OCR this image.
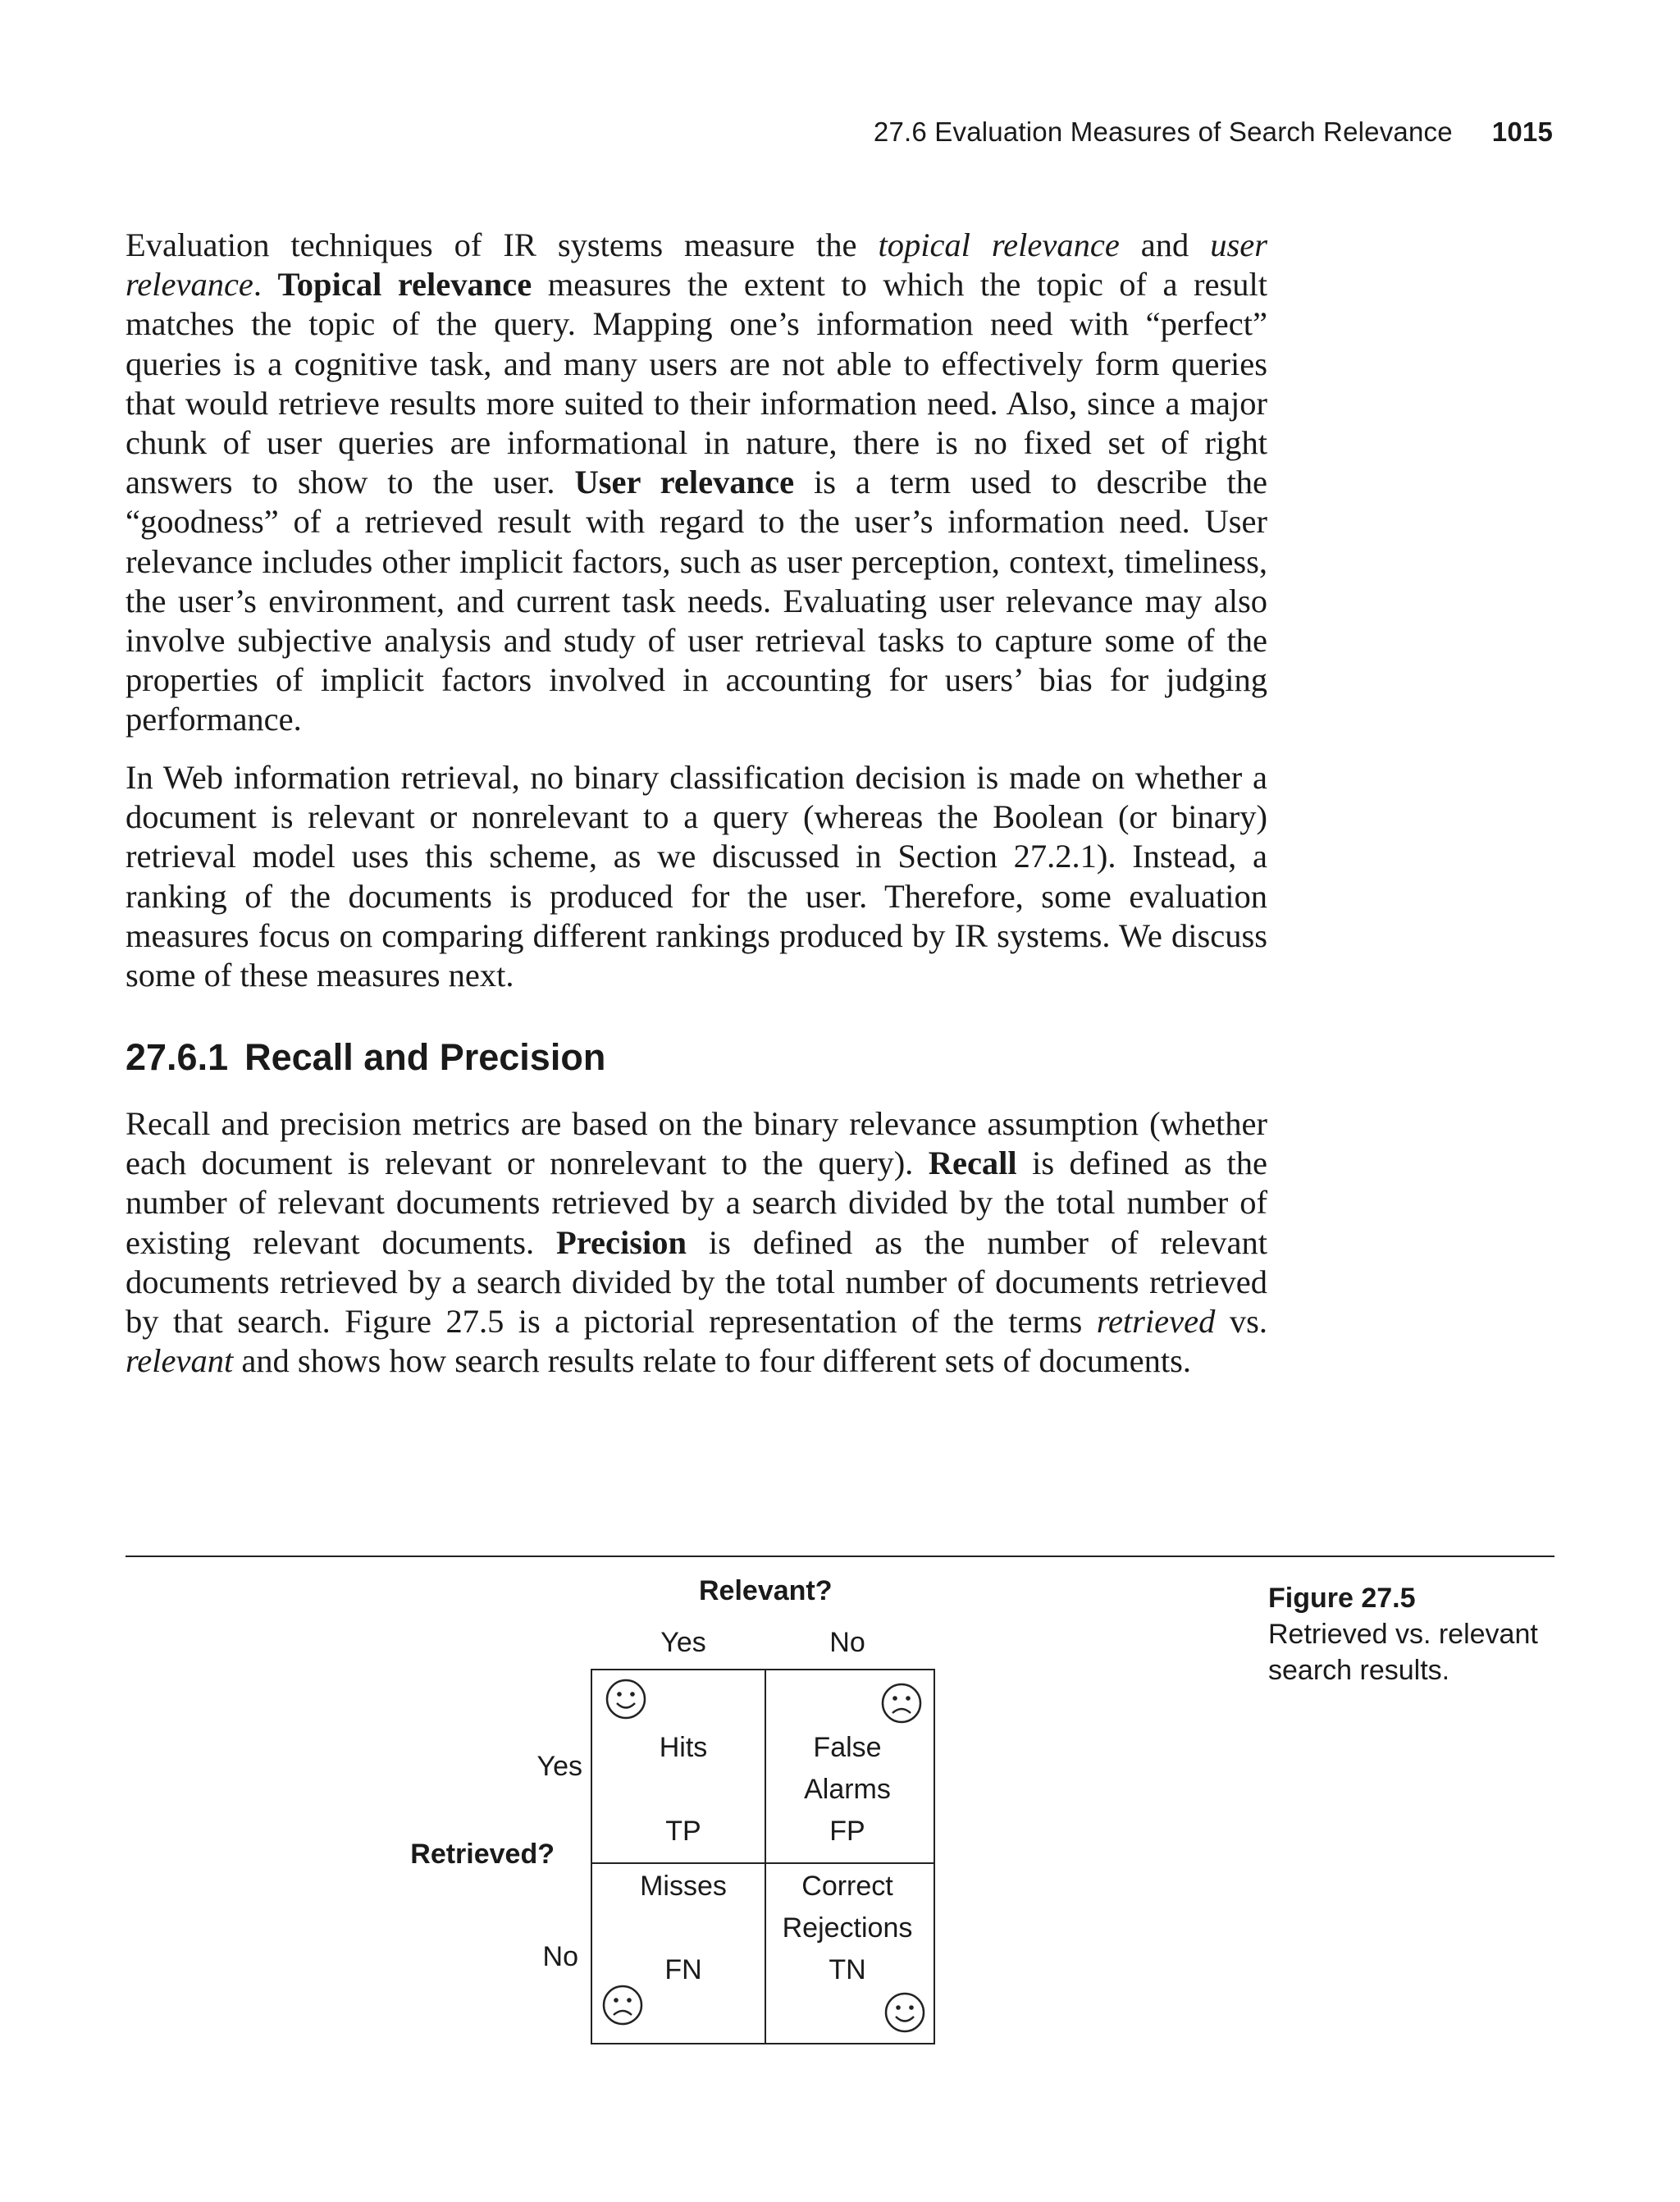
27.6 Evaluation Measures of Search Relevance 1015

Evaluation techniques of IR systems measure the topical relevance and user relevance. Topical relevance measures the extent to which the topic of a result matches the topic of the query. Mapping one’s information need with “perfect” queries is a cognitive task, and many users are not able to effectively form queries that would retrieve results more suited to their information need. Also, since a major chunk of user queries are informational in nature, there is no fixed set of right answers to show to the user. User relevance is a term used to describe the “goodness” of a retrieved result with regard to the user’s information need. User relevance includes other implicit factors, such as user perception, context, timeliness, the user’s environment, and current task needs. Evaluating user relevance may also involve subjective analysis and study of user retrieval tasks to capture some of the properties of implicit factors involved in accounting for users’ bias for judging performance.

In Web information retrieval, no binary classification decision is made on whether a document is relevant or nonrelevant to a query (whereas the Boolean (or binary) retrieval model uses this scheme, as we discussed in Section 27.2.1). Instead, a ranking of the documents is produced for the user. Therefore, some evaluation measures focus on comparing different rankings produced by IR systems. We discuss some of these measures next.

27.6.1 Recall and Precision

Recall and precision metrics are based on the binary relevance assumption (whether each document is relevant or nonrelevant to the query). Recall is defined as the number of relevant documents retrieved by a search divided by the total number of existing relevant documents. Precision is defined as the number of relevant documents retrieved by a search divided by the total number of documents retrieved by that search. Figure 27.5 is a pictorial representation of the terms retrieved vs. relevant and shows how search results relate to four different sets of documents.

Figure 27.5
Retrieved vs. relevant search results.
Relevant?
Yes	No
Yes
Retrieved?
No
Hits

TP
False
Alarms
FP
Misses

FN
Correct
Rejections
TN
